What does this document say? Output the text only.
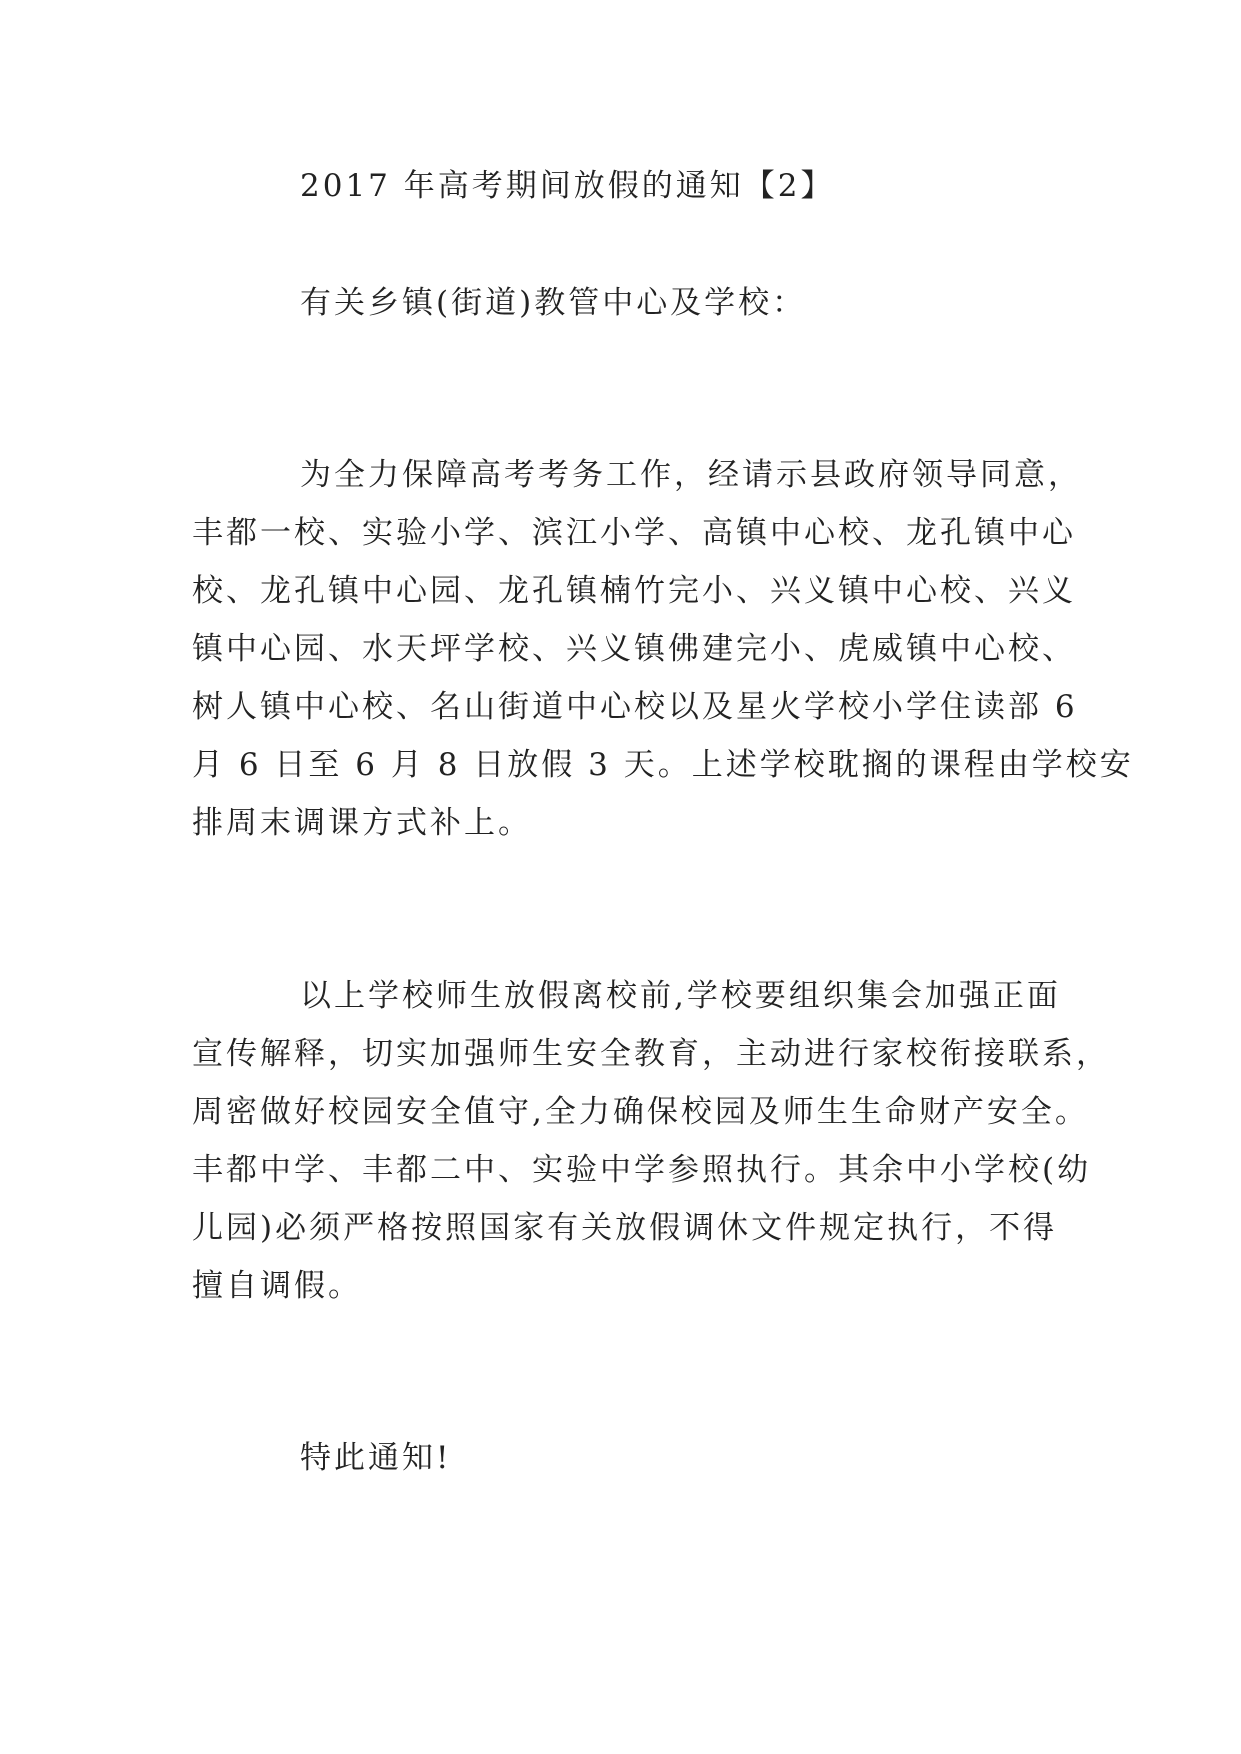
2017 年高考期间放假的通知【2】
有关乡镇(街道)教管中心及学校：
为全力保障高考考务工作，经请示县政府领导同意，
丰都一校、实验小学、滨江小学、高镇中心校、龙孔镇中心
校、龙孔镇中心园、龙孔镇楠竹完小、兴义镇中心校、兴义
镇中心园、水天坪学校、兴义镇佛建完小、虎威镇中心校、
树人镇中心校、名山街道中心校以及星火学校小学住读部 6
月 6 日至 6 月 8 日放假 3 天。上述学校耽搁的课程由学校安
排周末调课方式补上。
以上学校师生放假离校前,学校要组织集会加强正面
宣传解释，切实加强师生安全教育，主动进行家校衔接联系，
周密做好校园安全值守,全力确保校园及师生生命财产安全。
丰都中学、丰都二中、实验中学参照执行。其余中小学校(幼
儿园)必须严格按照国家有关放假调休文件规定执行，不得
擅自调假。
特此通知!
